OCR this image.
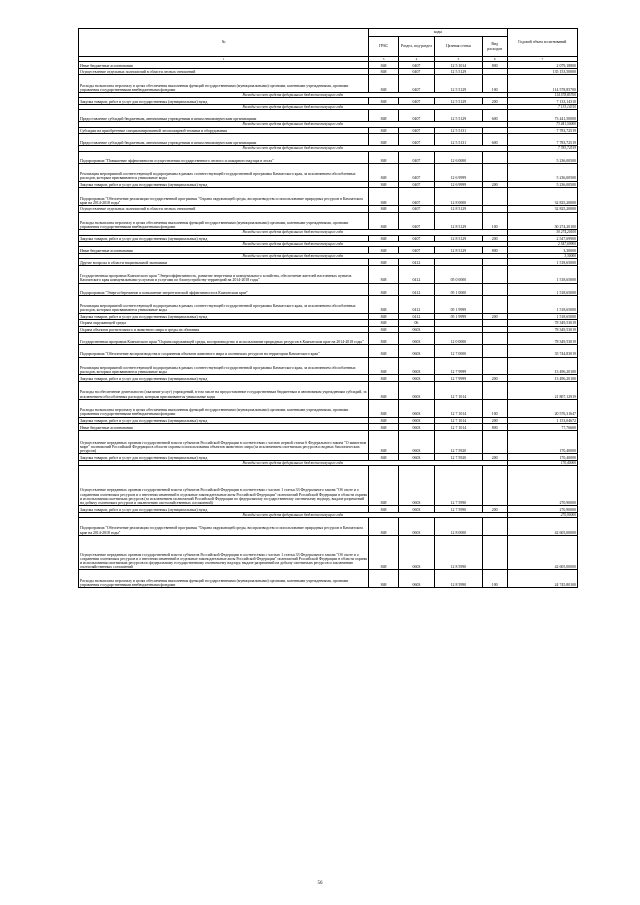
№	коды				Годовой объем ассигнований
	ГРБС	Раздел, под-раздел	Целевая статья	Вид расходов	
1	3	4	5	6	7
Иные бюджетные ассигнования	848	0407	12 5 1014	800	2 079,18800
Осуществление отдельных полномочий в области лесных отношений	848	0407	12 5 5129		135 153,50000
Расходы на выплаты персоналу в целях обеспечения выполнения функций государственными (муниципальными) органами, казенными учреждениями, органами управления государственными внебюджетными фондами	848	0407	12 5 5129	100	114 578,85700
Расходы за счет средств федерального бюджета текущего года					114 578,85700
Закупка товаров, работ и услуг для государственных (муниципальных) нужд	848	0407	12 5 5129	200	7 133,14310
Расходы за счет средств федерального бюджета текущего года					7 133,14310
Предоставление субсидий бюджетным, автономным учреждениям и иным некоммерческим организациям	848	0407	12 5 5129	600	73 441,50000
Расходы за счет средств федерального бюджета текущего года					73 441,50000
Субсидии на приобретение специализированной лесопожарной техники и оборудования	848	0407	12 5 5131		7 783,72519
Предоставление субсидий бюджетным, автономным учреждениям и иным некоммерческим организациям	848	0407	12 5 5131	600	7 783,72519
Расходы за счет средств федерального бюджета текущего года					7 783,72519
Подпрограмма "Повышение эффективности осуществления государственного лесного и пожарного надзора в лесах"	848	0407	12 6 0000		5 236,00500
Реализация мероприятий соответствующей подпрограммы в рамках соответствующей государственной программы Камчатского края, за исключением обособленных расходов, которым присваиваются уникальные коды	848	0407	12 6 9999		5 236,00500
Закупка товаров, работ и услуг для государственных (муниципальных) нужд	848	0407	12 6 9999	200	5 236,00500
Подпрограмма "Обеспечение реализации государственной программы "Охрана окружающей среды, воспроизводство и использование природных ресурсов в Камчатском крае на 2014-2018 годы"	848	0407	12 8 0000		32 825,20000
Осуществление отдельных полномочий в области лесных отношений	848	0407	12 8 5129		32 825,20000
Расходы на выплаты персоналу в целях обеспечения выполнения функций государственными (муниципальными) органами, казенными учреждениями, органами управления государственными внебюджетными фондами	848	0407	12 8 5129	100	30 274,20100
Расходы за счет средств федерального бюджета текущего года					30 274,20100
Закупка товаров, работ и услуг для государственных (муниципальных) нужд	848	0407	12 8 5129	200	2 547,69900
Расходы за счет средств федерального бюджета текущего года					2 547,69900
Иные бюджетные ассигнования	848	0407	12 8 5129	800	3,30000
Расходы за счет средств федерального бюджета текущего года					3,30000
Другие вопросы в области национальной экономики	848	0412			1 518,65000
Государственная программа Камчатского края "Энергоэффективность, развитие энергетики и коммунального хозяйства, обеспечение жителей населенных пунктов Камчатского края коммунальными услугами и услугами по благоустройству территорий на 2014-2018 годы"	848	0412	05 0 0000		1 518,65000
Подпрограмма "Энергосбережение и повышение энергетической эффективности в Камчатском крае"	848	0412	05 1 0000		1 518,65000
Реализация мероприятий соответствующей подпрограммы в рамках соответствующей государственной программы Камчатского края, за исключением обособленных расходов, которым присваиваются уникальные коды	848	0412	05 1 9999		1 518,65000
Закупка товаров, работ и услуг для государственных (муниципальных) нужд	848	0412	05 1 9999	200	1 518,65000
Охрана окружающей среды	848	06			78 349,53019
Охрана объектов растительного и животного мира и среды их обитания	848	0603			78 349,53019
Государственная программа Камчатского края "Охрана окружающей среды, воспроизводство и использование природных ресурсов в Камчатском крае на 2014-2018 годы"	848	0603	12 0 0000		78 349,53019
Подпрограмма "Обеспечение воспроизводства и сохранения объектов животного мира и охотничьих ресурсов на территории Камчатского края"	848	0603	12 7 0000		35 744,83019
Реализация мероприятий соответствующей подпрограммы в рамках соответствующей государственной программы Камчатского края, за исключением обособленных расходов, которым присваиваются уникальные коды	848	0603	12 7 9999		13 496,20100
Закупка товаров, работ и услуг для государственных (муниципальных) нужд	848	0603	12 7 9999	200	13 496,20100
Расходы на обеспечение деятельности (оказание услуг) учреждений, в том числе на предоставление государственным бюджетным и автономным учреждениям субсидий, за исключением обособленных расходов, которым присваиваются уникальные коды	848	0603	12 7 1014		21 807,12919
Расходы на выплаты персоналу в целях обеспечения выполнения функций государственными (муниципальными) органами, казенными учреждениями, органами управления государственными внебюджетными фондами	848	0603	12 7 1014	100	20 576,31647
Закупка товаров, работ и услуг для государственных (муниципальных) нужд	848	0603	12 7 1014	200	1 153,04672
Иные бюджетные ассигнования	848	0603	12 7 1014	800	77,76600
Осуществление переданных органам государственной власти субъектов Российской Федерации в соответствии с частью первой статьи 6 Федерального закона "О животном мире" полномочий Российской Федерации в области охраны и использования объектов животного мира (за исключением охотничьих ресурсов и водных биологических ресурсов)	848	0603	12 7 5920		170,40000
Закупка товаров, работ и услуг для государственных (муниципальных) нужд	848	0603	12 7 5920	200	170,40000
Расходы за счет средств федерального бюджета текущего года					170,40000
Осуществление переданных органам государственной власти субъектов Российской Федерации в соответствии с частью 1 статьи 33 Федерального закона "Об охоте и о сохранении охотничьих ресурсов и о внесении изменений в отдельные законодательные акты Российской Федерации" полномочий Российской Федерации в области охраны и использования охотничьих ресурсов (за исключением полномочий Российской Федерации по федеральному государственному охотничьему надзору, выдаче разрешений на добычу охотничьих ресурсов и заключению охотхозяйственных соглашений)	848	0603	12 7 5990		270,90000
Закупка товаров, работ и услуг для государственных (муниципальных) нужд	848	0603	12 7 5990	200	270,90000
Расходы за счет средств федерального бюджета текущего года					270,90000
Подпрограмма "Обеспечение реализации государственной программы "Охрана окружающей среды, воспроизводство и использование природных ресурсов в Камчатском крае на 2014-2018 годы"	848	0603	12 8 0000		42 605,00000
Осуществление переданных органам государственной власти субъектов Российской Федерации в соответствии с частью 1 статьи 33 Федерального закона "Об охоте и о сохранении охотничьих ресурсов и о внесении изменений в отдельные законодательные акты Российской Федерации" полномочий Российской Федерации в области охраны и использования охотничьих ресурсов по федеральному государственному охотничьему надзору, выдаче разрешений на добычу охотничьих ресурсов и заключению охотхозяйственных соглашений	848	0603	12 8 5990		42 605,00000
Расходы на выплаты персоналу в целях обеспечения выполнения функций государственными (муниципальными) органами, казенными учреждениями, органами управления государственными внебюджетными фондами	848	0603	12 8 5990	100	24 745,80100
56
